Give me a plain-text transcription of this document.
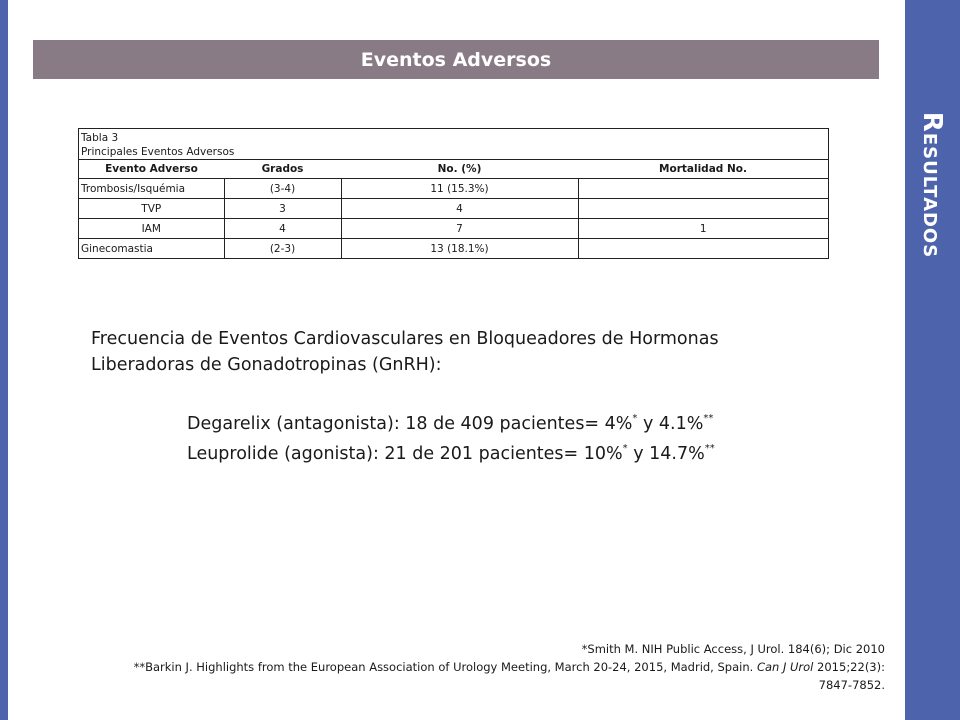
Resultados
Eventos Adversos
Tabla 3
Principales Eventos Adversos
Evento Adverso	Grados	No. (%)	Mortalidad No.
Trombosis/Isquémia	(3-4)	11 (15.3%)	
TVP	3	4	
IAM	4	7	1
Ginecomastia	(2-3)	13 (18.1%)	
Frecuencia de Eventos Cardiovasculares en Bloqueadores de Hormonas
Liberadoras de Gonadotropinas (GnRH):
Degarelix (antagonista): 18 de 409 pacientes= 4%* y 4.1%**
Leuprolide (agonista): 21 de 201 pacientes= 10%* y 14.7%**
*Smith M. NIH Public Access, J Urol. 184(6); Dic 2010
**Barkin J. Highlights from the European Association of Urology Meeting, March 20-24, 2015, Madrid, Spain. Can J Urol 2015;22(3): 7847-7852.
